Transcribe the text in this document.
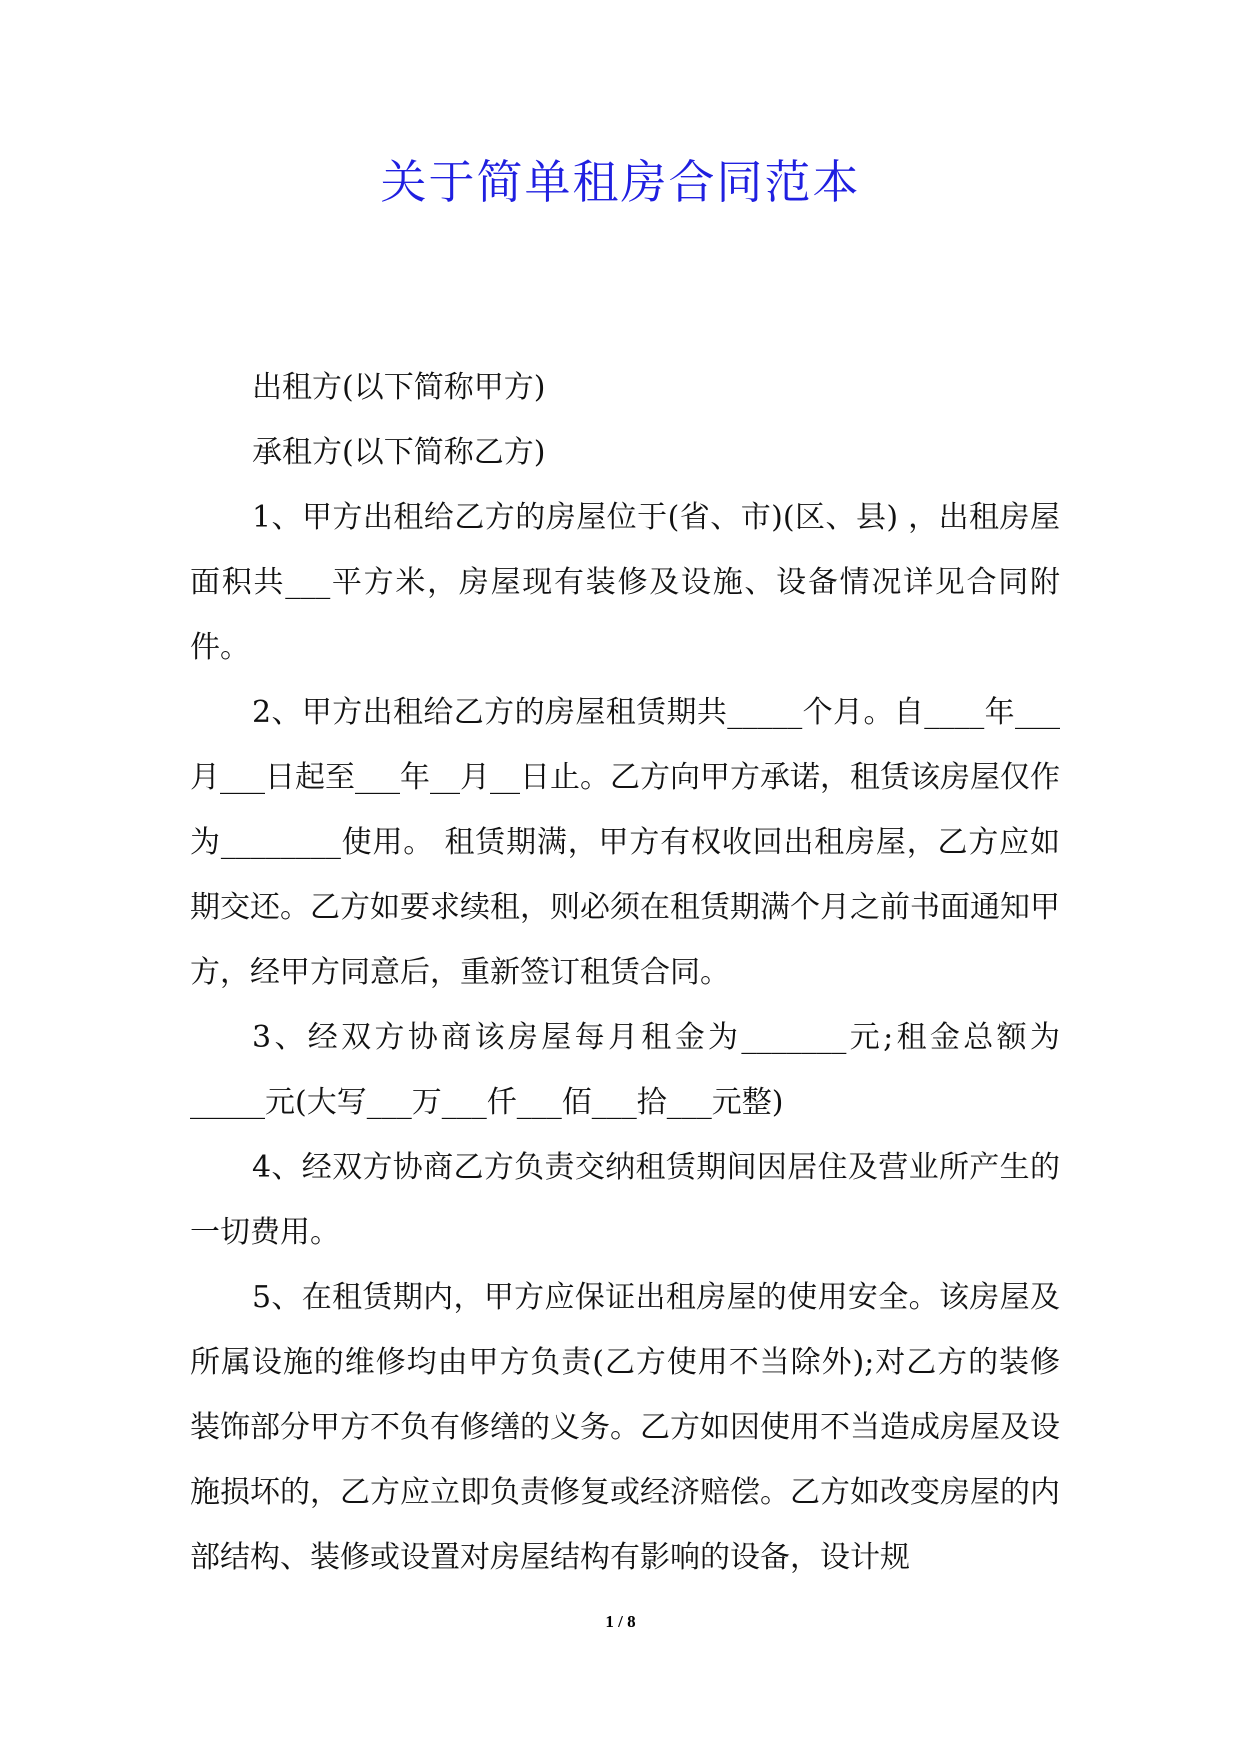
关于简单租房合同范本

出租方(以下简称甲方)

承租方(以下简称乙方)

1、甲方出租给乙方的房屋位于(省、市)(区、县) ，出租房屋面积共___平方米，房屋现有装修及设施、设备情况详见合同附件。

2、甲方出租给乙方的房屋租赁期共_____个月。自____年___月___日起至___年__月__日止。乙方向甲方承诺，租赁该房屋仅作为________使用。 租赁期满，甲方有权收回出租房屋，乙方应如期交还。乙方如要求续租，则必须在租赁期满个月之前书面通知甲方，经甲方同意后，重新签订租赁合同。

3、经双方协商该房屋每月租金为_______元;租金总额为_____元(大写___万___仟___佰___拾___元整)

4、经双方协商乙方负责交纳租赁期间因居住及营业所产生的一切费用。

5、在租赁期内，甲方应保证出租房屋的使用安全。该房屋及所属设施的维修均由甲方负责(乙方使用不当除外);对乙方的装修装饰部分甲方不负有修缮的义务。乙方如因使用不当造成房屋及设施损坏的，乙方应立即负责修复或经济赔偿。乙方如改变房屋的内部结构、装修或设置对房屋结构有影响的设备，设计规

1 / 8
